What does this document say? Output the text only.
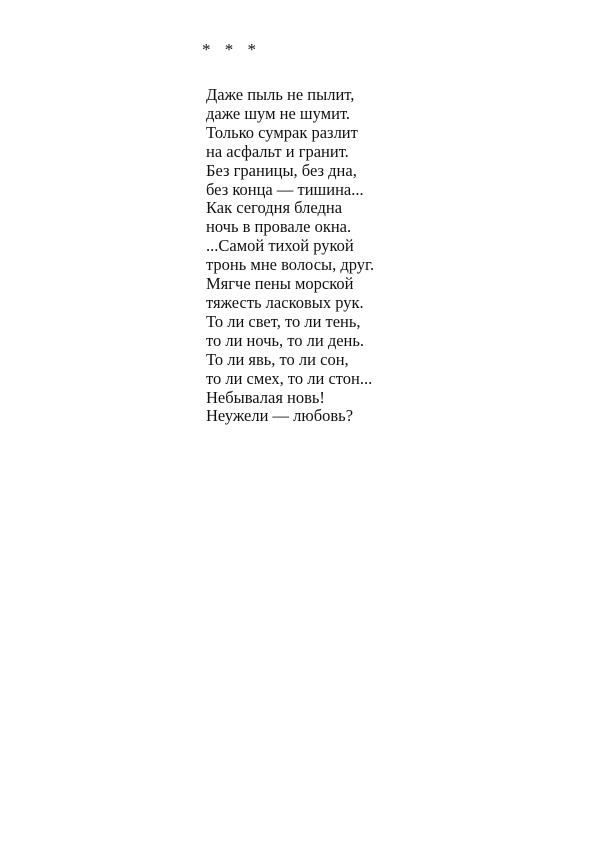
* * *
Даже пыль не пылит,
даже шум не шумит.
Только сумрак разлит
на асфальт и гранит.
Без границы, без дна,
без конца — тишина...
Как сегодня бледна
ночь в провале окна.
...Самой тихой рукой
тронь мне волосы, друг.
Мягче пены морской
тяжесть ласковых рук.
То ли свет, то ли тень,
то ли ночь, то ли день.
То ли явь, то ли сон,
то ли смех, то ли стон...
Небывалая новь!
Неужели — любовь?
